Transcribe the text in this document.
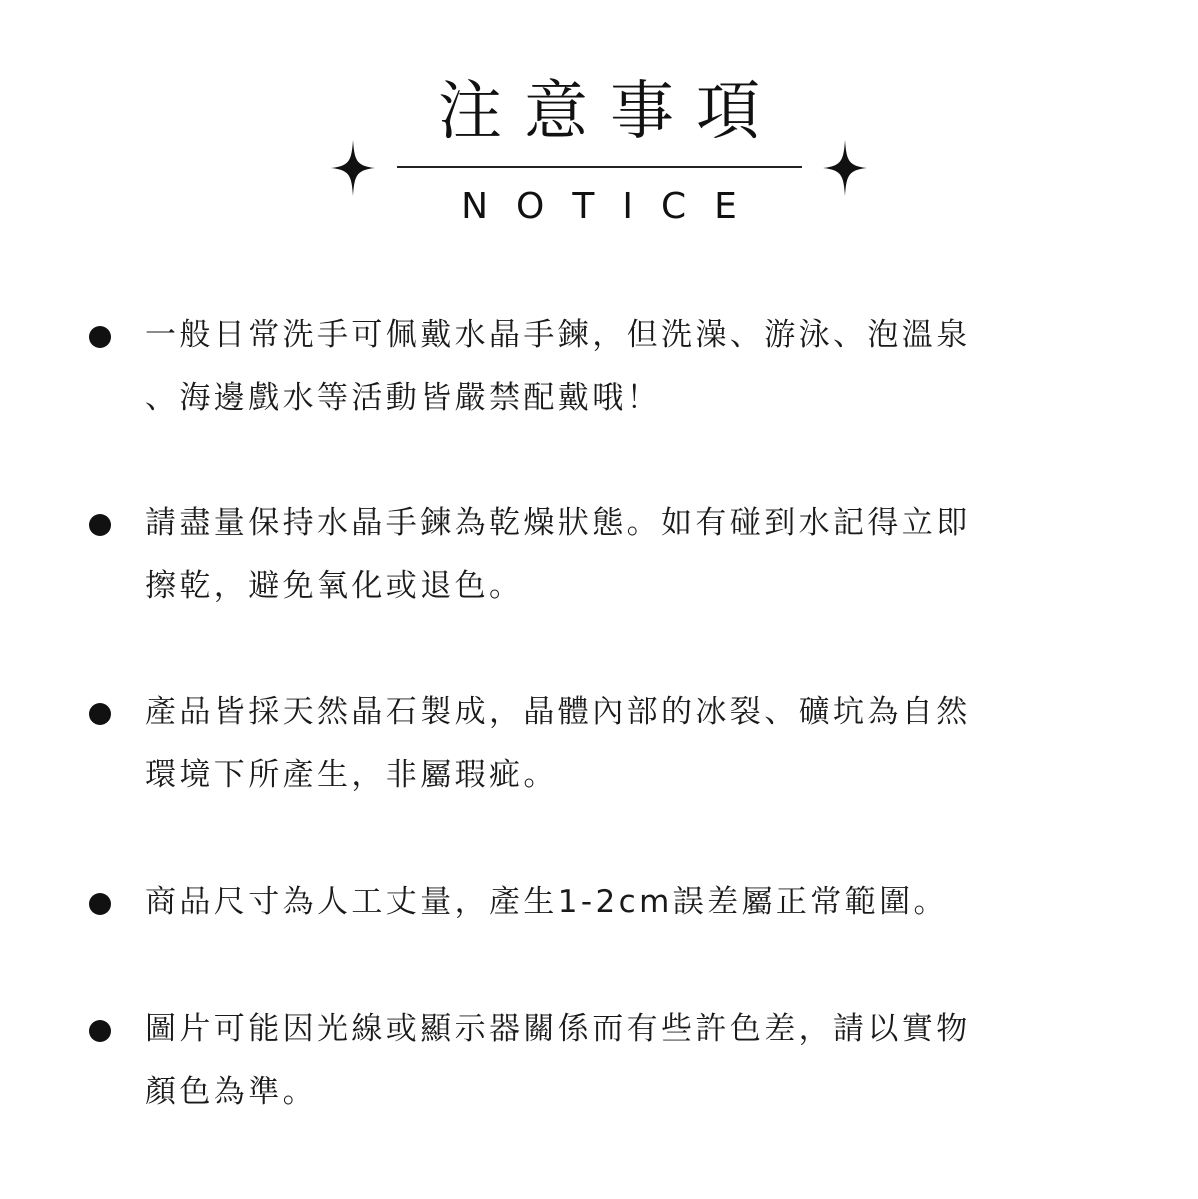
注意事項
NOTICE
一般日常洗手可佩戴水晶手鍊，但洗澡、游泳、泡溫泉
、海邊戲水等活動皆嚴禁配戴哦！
請盡量保持水晶手鍊為乾燥狀態。如有碰到水記得立即
擦乾，避免氧化或退色。
產品皆採天然晶石製成，晶體內部的冰裂、礦坑為自然
環境下所產生，非屬瑕疵。
商品尺寸為人工丈量，產生1-2cm誤差屬正常範圍。
圖片可能因光線或顯示器關係而有些許色差，請以實物
顏色為準。
